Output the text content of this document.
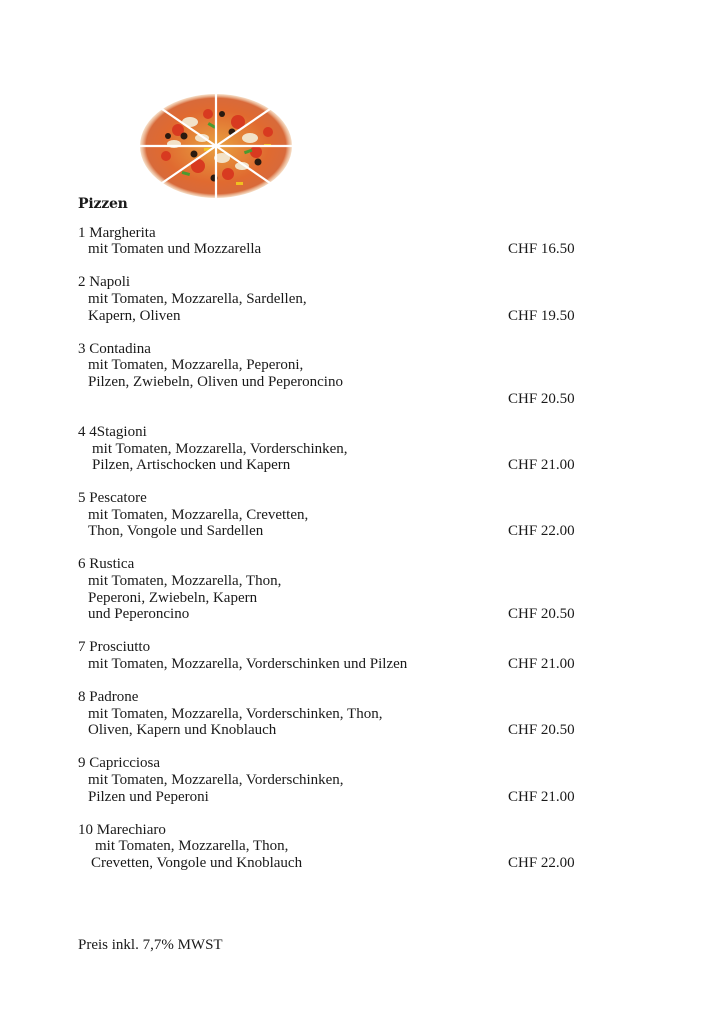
Pizzen
1 Margherita
mit Tomaten und Mozzarella	CHF 16.50
2 Napoli
mit Tomaten, Mozzarella, Sardellen,
Kapern, Oliven	CHF 19.50
3 Contadina
mit Tomaten, Mozzarella, Peperoni,
Pilzen, Zwiebeln, Oliven und Peperoncino
CHF 20.50
4 4Stagioni
mit Tomaten, Mozzarella, Vorderschinken,
Pilzen, Artischocken und Kapern	CHF 21.00
5 Pescatore
mit Tomaten, Mozzarella, Crevetten,
Thon, Vongole und Sardellen	CHF 22.00
6 Rustica
mit Tomaten, Mozzarella, Thon,
Peperoni, Zwiebeln, Kapern
und Peperoncino	CHF 20.50
7 Prosciutto
mit Tomaten, Mozzarella, Vorderschinken und Pilzen	CHF 21.00
8 Padrone
mit Tomaten, Mozzarella, Vorderschinken, Thon,
Oliven, Kapern und Knoblauch	CHF 20.50
9 Capricciosa
mit Tomaten, Mozzarella, Vorderschinken,
Pilzen und Peperoni	CHF 21.00
10 Marechiaro
mit Tomaten, Mozzarella, Thon,
Crevetten, Vongole und Knoblauch	CHF 22.00
Preis inkl. 7,7% MWST
